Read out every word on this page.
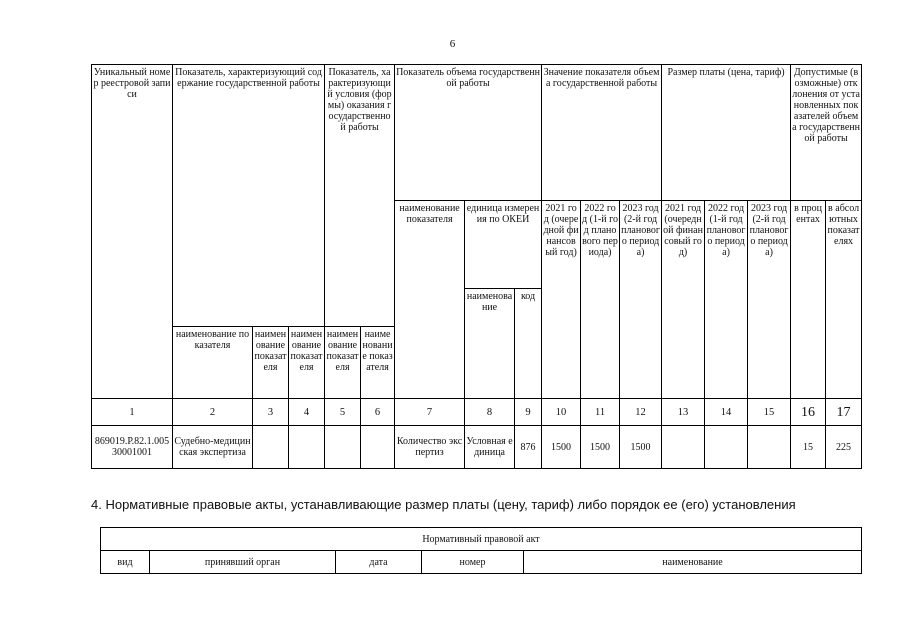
6
Уникальный номер реестровой записи	Показатель, характеризующий содержание государственной работы			Показатель, характеризующий условия (формы) оказания государственной работы		Показатель объема государственной работы			Значение показателя объема государственной работы			Размер платы (цена, тариф)			Допустимые (возможные) отклонения от установленных показателей объема государственной работы	
						наименование показателя	единица измерения по ОКЕИ		2021 год (очередной финансовый год)	2022 год (1-й год планового периода)	2023 год (2-й год планового периода)	2021 год (очередной финансовый год)	2022 год (1-й год планового периода)	2023 год (2-й год планового периода)	в процентах	в абсолютных показателях
							наименование	код								
	наименование показателя	наименование показателя	наименование показателя	наименование показателя	наименование показателя											
1	2	3	4	5	6	7	8	9	10	11	12	13	14	15	16	17
869019.Р.82.1.00530001001	Судебно-медицинская экспертиза					Количество экспертиз	Условная единица	876	1500	1500	1500				15	225
4. Нормативные правовые акты, устанавливающие размер платы (цену, тариф) либо порядок ее (его) установления
Нормативный правовой акт
вид	принявший орган	дата	номер	наименование
